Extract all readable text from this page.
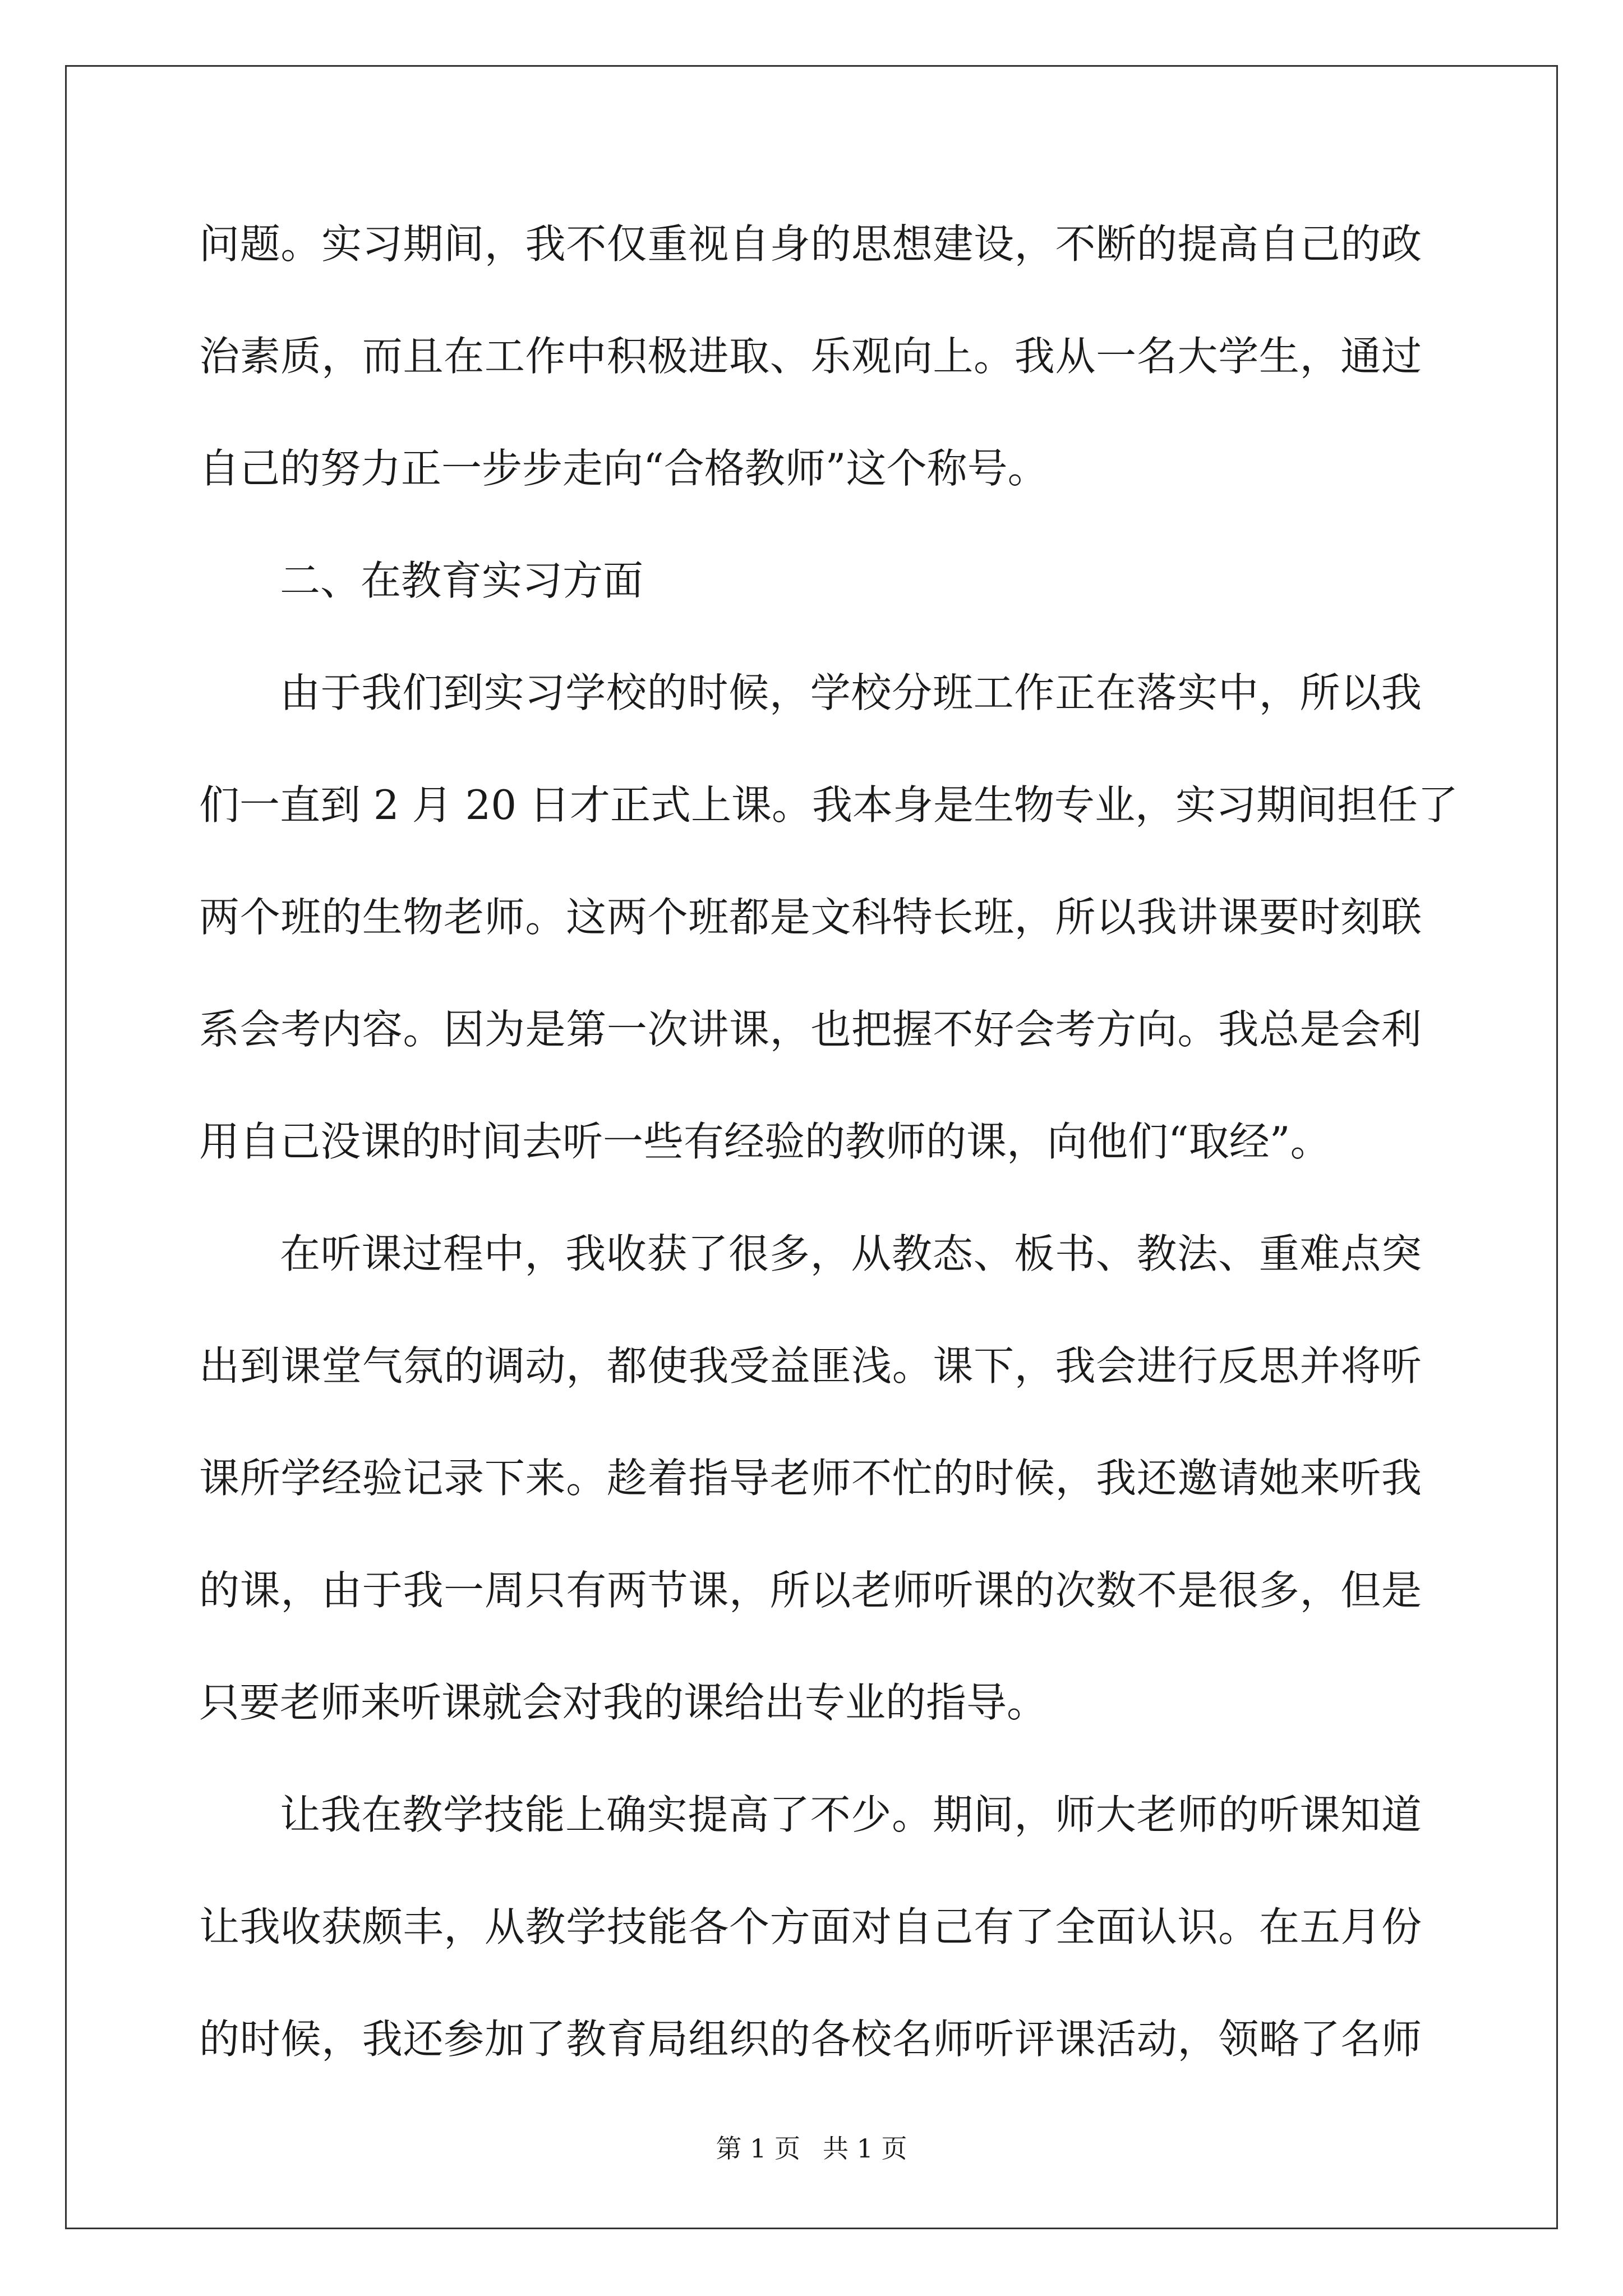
问题。实习期间，我不仅重视自身的思想建设，不断的提高自己的政
治素质，而且在工作中积极进取、乐观向上。我从一名大学生，通过
自己的努力正一步步走向“合格教师”这个称号。
二、在教育实习方面
由于我们到实习学校的时候，学校分班工作正在落实中，所以我
们一直到 2 月 20 日才正式上课。我本身是生物专业，实习期间担任了
两个班的生物老师。这两个班都是文科特长班，所以我讲课要时刻联
系会考内容。因为是第一次讲课，也把握不好会考方向。我总是会利
用自己没课的时间去听一些有经验的教师的课，向他们“取经”。
在听课过程中，我收获了很多，从教态、板书、教法、重难点突
出到课堂气氛的调动，都使我受益匪浅。课下，我会进行反思并将听
课所学经验记录下来。趁着指导老师不忙的时候，我还邀请她来听我
的课，由于我一周只有两节课，所以老师听课的次数不是很多，但是
只要老师来听课就会对我的课给出专业的指导。
让我在教学技能上确实提高了不少。期间，师大老师的听课知道
让我收获颇丰，从教学技能各个方面对自己有了全面认识。在五月份
的时候，我还参加了教育局组织的各校名师听评课活动，领略了名师
第 1 页 共 1 页
